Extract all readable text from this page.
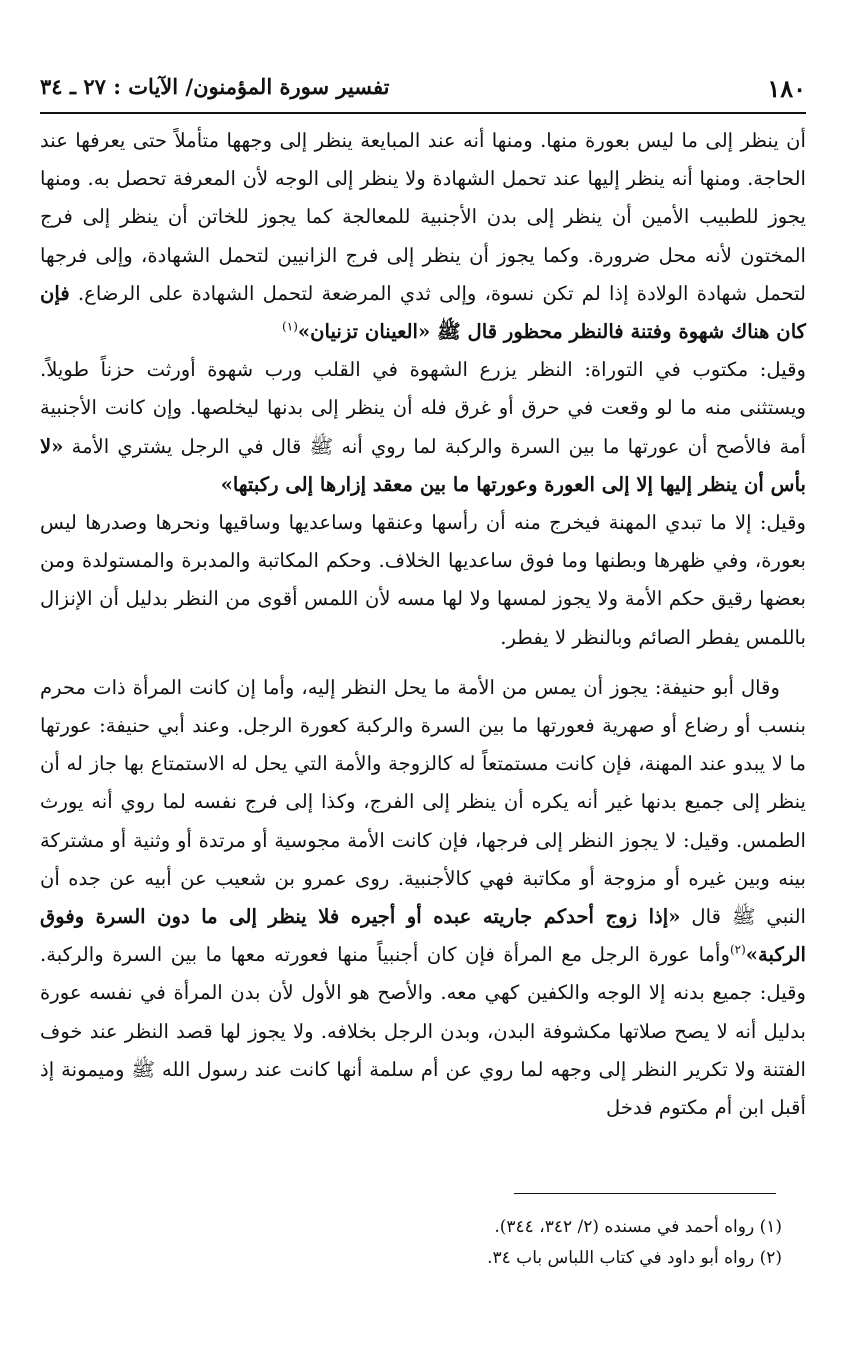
١٨٠
تفسير سورة المؤمنون/ الآيات : ٢٧ ـ ٣٤

أن ينظر إلى ما ليس بعورة منها. ومنها أنه عند المبايعة ينظر إلى وجهها متأملاً حتى يعرفها عند الحاجة. ومنها أنه ينظر إليها عند تحمل الشهادة ولا ينظر إلى الوجه لأن المعرفة تحصل به. ومنها يجوز للطبيب الأمين أن ينظر إلى بدن الأجنبية للمعالجة كما يجوز للخاتن أن ينظر إلى فرج المختون لأنه محل ضرورة. وكما يجوز أن ينظر إلى فرج الزانيين لتحمل الشهادة، وإلى فرجها لتحمل شهادة الولادة إذا لم تكن نسوة، وإلى ثدي المرضعة لتحمل الشهادة على الرضاع. فإن كان هناك شهوة وفتنة فالنظر محظور قال ﷺ «العينان تزنيان»$^{(١)}$

وقيل: مكتوب في التوراة: النظر يزرع الشهوة في القلب ورب شهوة أورثت حزناً طويلاً. ويستثنى منه ما لو وقعت في حرق أو غرق فله أن ينظر إلى بدنها ليخلصها. وإن كانت الأجنبية أمة فالأصح أن عورتها ما بين السرة والركبة لما روي أنه ﷺ قال في الرجل يشتري الأمة «لا بأس أن ينظر إليها إلا إلى العورة وعورتها ما بين معقد إزارها إلى ركبتها»

وقيل: إلا ما تبدي المهنة فيخرج منه أن رأسها وعنقها وساعديها وساقيها ونحرها وصدرها ليس بعورة، وفي ظهرها وبطنها وما فوق ساعديها الخلاف. وحكم المكاتبة والمدبرة والمستولدة ومن بعضها رقيق حكم الأمة ولا يجوز لمسها ولا لها مسه لأن اللمس أقوى من النظر بدليل أن الإنزال باللمس يفطر الصائم وبالنظر لا يفطر.

وقال أبو حنيفة: يجوز أن يمس من الأمة ما يحل النظر إليه، وأما إن كانت المرأة ذات محرم بنسب أو رضاع أو صهرية فعورتها ما بين السرة والركبة كعورة الرجل. وعند أبي حنيفة: عورتها ما لا يبدو عند المهنة، فإن كانت مستمتعاً له كالزوجة والأمة التي يحل له الاستمتاع بها جاز له أن ينظر إلى جميع بدنها غير أنه يكره أن ينظر إلى الفرج، وكذا إلى فرج نفسه لما روي أنه يورث الطمس. وقيل: لا يجوز النظر إلى فرجها، فإن كانت الأمة مجوسية أو مرتدة أو وثنية أو مشتركة بينه وبين غيره أو مزوجة أو مكاتبة فهي كالأجنبية. روى عمرو بن شعيب عن أبيه عن جده أن النبي ﷺ قال «إذا زوج أحدكم جاريته عبده أو أجيره فلا ينظر إلى ما دون السرة وفوق الركبة»$^{(٢)}$وأما عورة الرجل مع المرأة فإن كان أجنبياً منها فعورته معها ما بين السرة والركبة. وقيل: جميع بدنه إلا الوجه والكفين كهي معه. والأصح هو الأول لأن بدن المرأة في نفسه عورة بدليل أنه لا يصح صلاتها مكشوفة البدن، وبدن الرجل بخلافه. ولا يجوز لها قصد النظر عند خوف الفتنة ولا تكرير النظر إلى وجهه لما روي عن أم سلمة أنها كانت عند رسول الله ﷺ وميمونة إذ أقبل ابن أم مكتوم فدخل

(١) رواه أحمد في مسنده (٢/ ٣٤٢، ٣٤٤).

(٢) رواه أبو داود في كتاب اللباس باب ٣٤.
